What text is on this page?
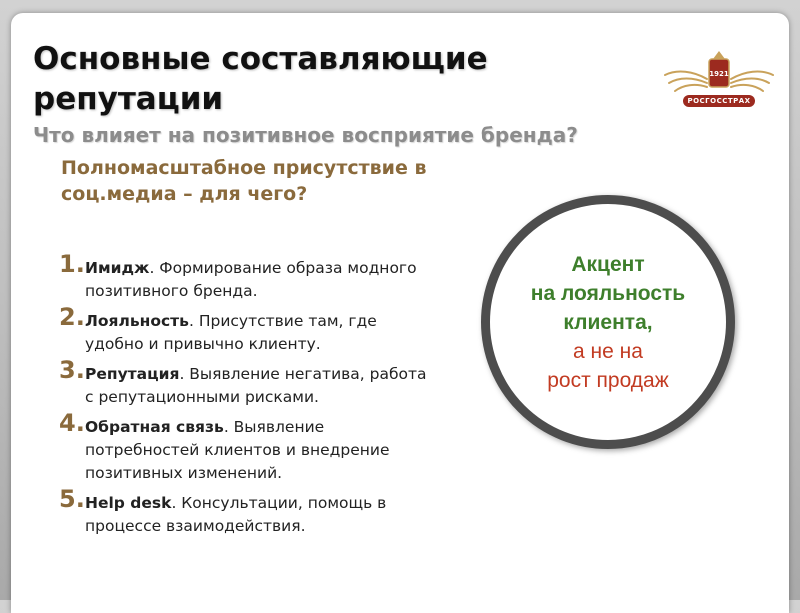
Основные составляющие репутации
Что влияет на позитивное восприятие бренда?
Полномасштабное присутствие в соц.медиа – для чего?
1. Имидж. Формирование образа модного позитивного бренда.
2. Лояльность. Присутствие там, где удобно и привычно клиенту.
3. Репутация. Выявление негатива, работа с репутационными рисками.
4. Обратная связь. Выявление потребностей клиентов и внедрение позитивных изменений.
5. Help desk. Консультации, помощь в процессе взаимодействия.
Акцент
на лояльность
клиента,
а не на
рост продаж
1921
РОСГОССТРАХ
4 из 13
